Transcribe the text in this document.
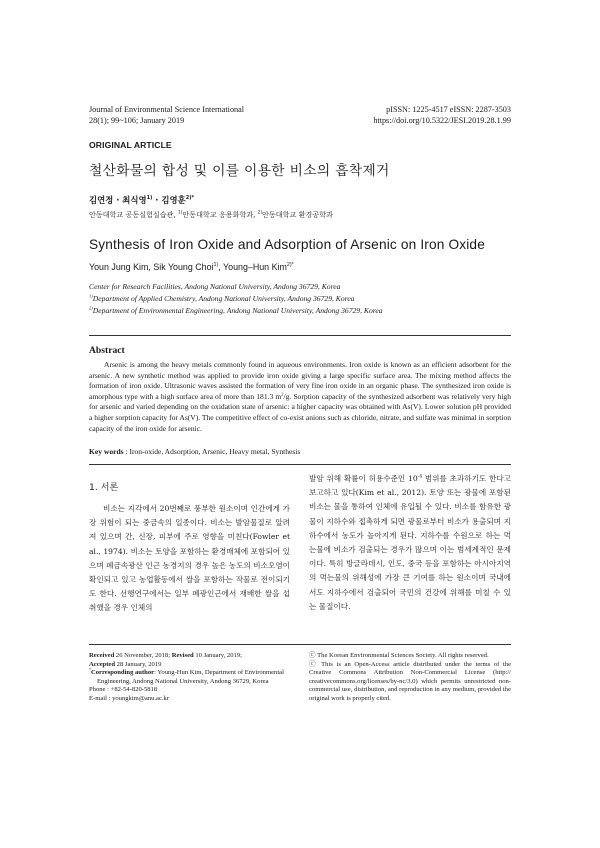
Journal of Environmental Science International
28(1); 99~106; January 2019
pISSN: 1225-4517 eISSN: 2287-3503
https://doi.org/10.5322/JESI.2019.28.1.99
ORIGINAL ARTICLE
철산화물의 합성 및 이를 이용한 비소의 흡착제거
김연정 · 최식영$^{1)}$ · 김영훈$^{2)*}$
안동대학교 공동실험실습관, $^{1)}$안동대학교 응용화학과, $^{2)}$안동대학교 환경공학과
Synthesis of Iron Oxide and Adsorption of Arsenic on Iron Oxide
Youn Jung Kim, Sik Young Choi$^{1)}$, Young–Hun Kim$^{2)*}$
Center for Research Facilities, Andong National University, Andong 36729, Korea
$^{1)}$Department of Applied Chemistry, Andong National University, Andong 36729, Korea
$^{2)}$Department of Environmental Engineering, Andong National University, Andong 36729, Korea
Abstract
Arsenic is among the heavy metals commonly found in aqueous environments. Iron oxide is known as an efficient adsorbent for the arsenic. A new synthetic method was applied to provide iron oxide giving a large specific surface area. The mixing method affects the formation of iron oxide. Ultrasonic waves assisted the formation of very fine iron oxide in an organic phase. The synthesized iron oxide is amorphous type with a high surface area of more than 181.3 $m^2/g$. Sorption capacity of the synthesized adsorbent was relatively very high for arsenic and varied depending on the oxidation state of arsenic: a higher capacity was obtained with As(V). Lower solution pH provided a higher sorption capacity for As(V). The competitive effect of co-exist anions such as chloride, nitrate, and sulfate was minimal in sorption capacity of the iron oxide for arsenic.
Key words : Iron-oxide, Adsorption, Arsenic, Heavy metal, Synthesis
1. 서론
비소는 지각에서 20번째로 풍부한 원소이며 인간에게 가장 위험이 되는 중금속의 일종이다. 비소는 발암물질로 알려져 있으며 간, 신장, 피부에 주로 영향을 미친다(Fowler et al., 1974). 비소는 토양을 포함하는 환경매체에 포함되어 있으며 폐금속광산 인근 농경지의 경우 높은 농도의 비소오염이 확인되고 있고 농업활동에서 쌀을 포함하는 작물로 전이되기도 한다. 선행연구에서는 일부 폐광인근에서 재배한 쌀을 섭취했을 경우 인체의
발암 위해 확률이 허용수준인 $10^{-4}$ 범위를 초과하기도 한다고 보고하고 있다(Kim et al., 2012). 토양 또는 광물에 포함된 비소는 물을 통하여 인체에 유입될 수 있다. 비소를 함유한 광물이 지하수와 접촉하게 되면 광물로부터 비소가 용출되며 지하수에서 농도가 높아지게 된다. 지하수를 수원으로 하는 먹는물에 비소가 검출되는 경우가 많으며 이는 범세계적인 문제이다. 특히 방글라데시, 인도, 중국 등을 포함하는 아시아지역의 먹는물의 위해성에 가장 큰 기여를 하는 원소이며 국내에서도 지하수에서 검출되어 국민의 건강에 위해를 미칠 수 있는 물질이다.
Received 26 November, 2018; Revised 10 January, 2019;
Accepted 28 January, 2019
*Corresponding author: Young-Hun Kim, Department of Environmental
Engineering, Andong National University, Andong 36729, Korea
Phone : +82-54-820-5818
E-mail : youngkim@anu.ac.kr
ⓒ The Korean Environmental Sciences Society. All rights reserved.
ⓒ This is an Open-Access article distributed under the terms of the Creative Commons Attribution Non-Commercial License (http:// creativecommons.org/licenses/by-nc/3.0) which permits unrestricted non-commercial use, distribution, and reproduction in any medium, provided the original work is properly cited.
